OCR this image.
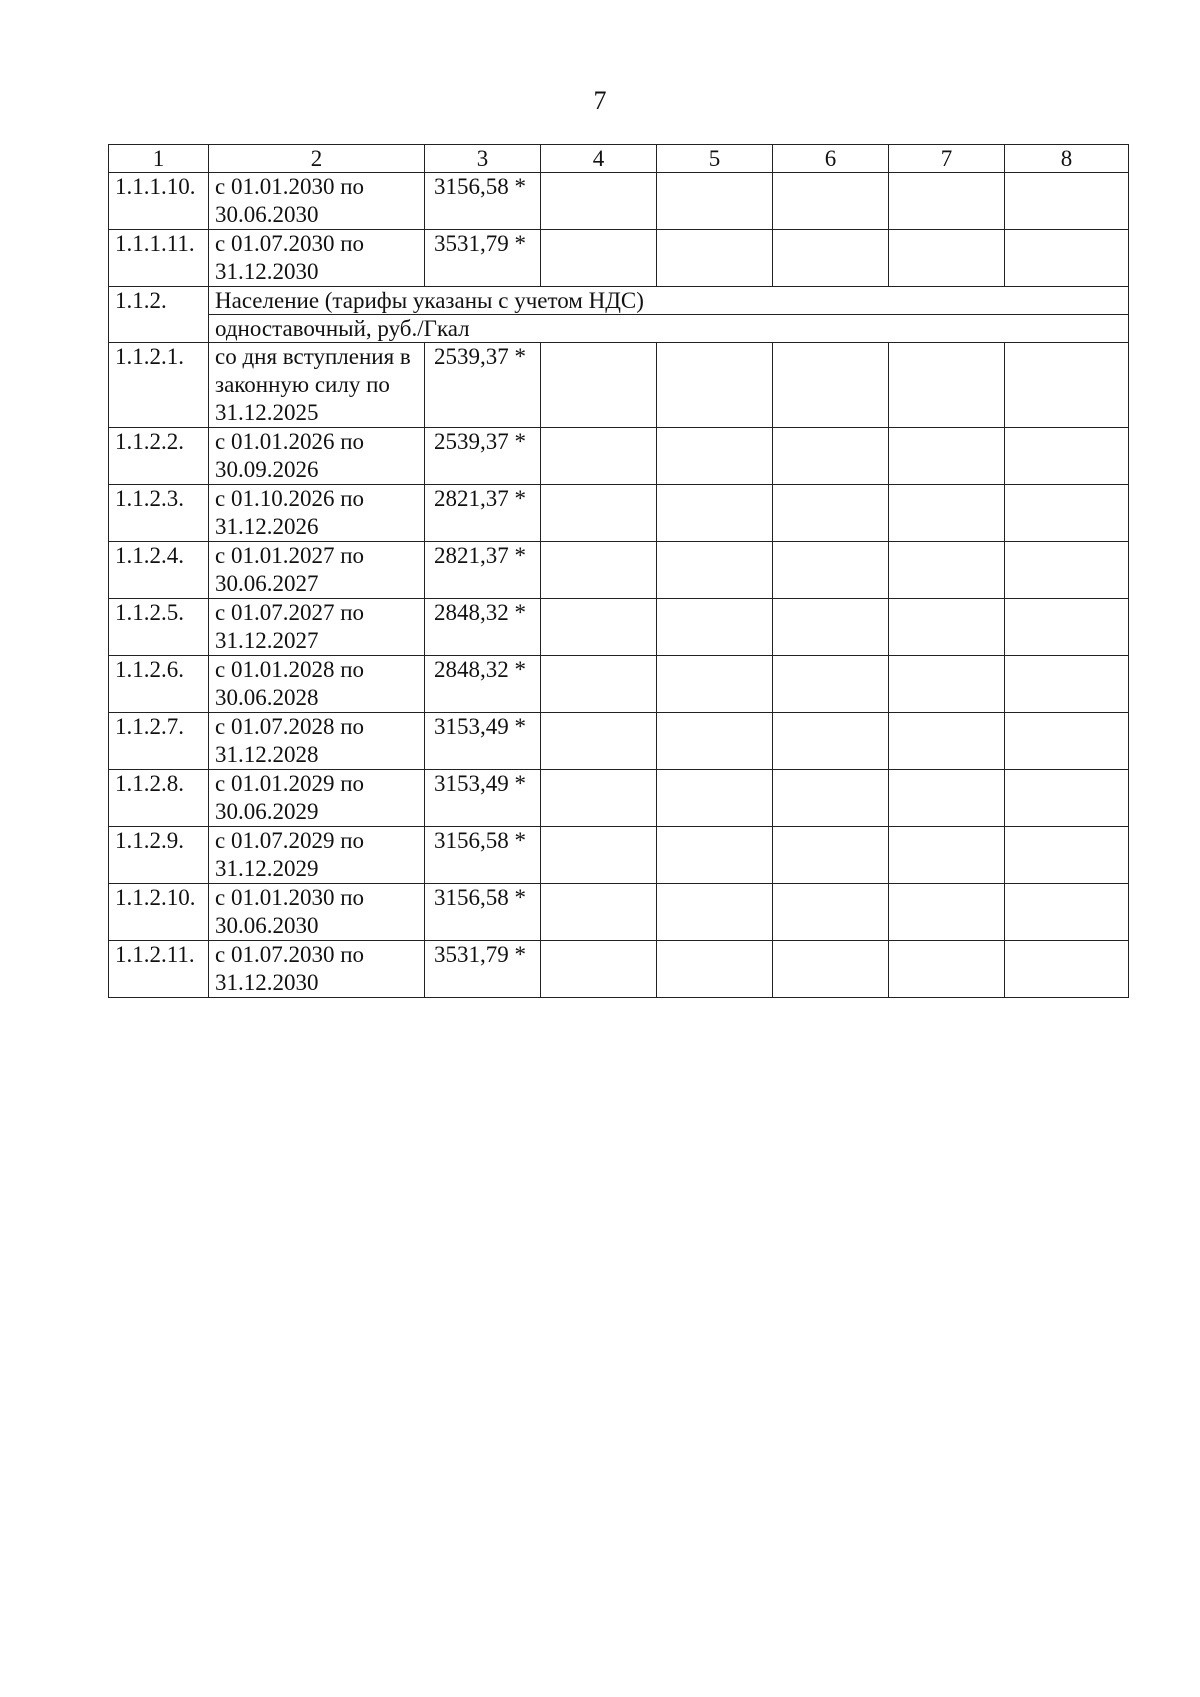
7
1	2	3	4	5	6	7	8
1.1.1.10.	с 01.01.2030 по 30.06.2030	3156,58 *					
1.1.1.11.	с 01.07.2030 по 31.12.2030	3531,79 *					
1.1.2.	Население (тарифы указаны с учетом НДС)						
	одноставочный, руб./Гкал						
1.1.2.1.	со дня вступления в законную силу по 31.12.2025	2539,37 *					
1.1.2.2.	с 01.01.2026 по 30.09.2026	2539,37 *					
1.1.2.3.	с 01.10.2026 по 31.12.2026	2821,37 *					
1.1.2.4.	с 01.01.2027 по 30.06.2027	2821,37 *					
1.1.2.5.	с 01.07.2027 по 31.12.2027	2848,32 *					
1.1.2.6.	с 01.01.2028 по 30.06.2028	2848,32 *					
1.1.2.7.	с 01.07.2028 по 31.12.2028	3153,49 *					
1.1.2.8.	с 01.01.2029 по 30.06.2029	3153,49 *					
1.1.2.9.	с 01.07.2029 по 31.12.2029	3156,58 *					
1.1.2.10.	с 01.01.2030 по 30.06.2030	3156,58 *					
1.1.2.11.	с 01.07.2030 по 31.12.2030	3531,79 *					
